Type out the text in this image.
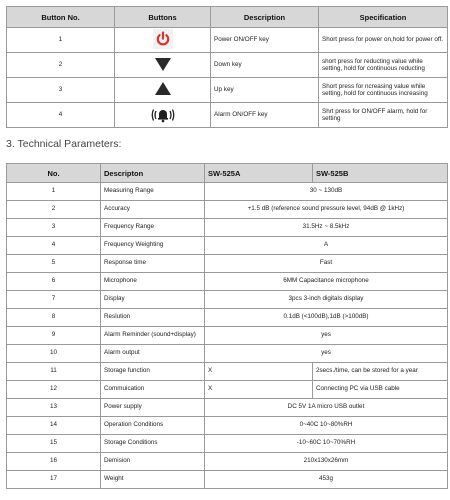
Button No.	Buttons	Description	Specification
1		Power ON/OFF key	Short press for power on,hold for power off.
2		Down key	short press for reducting value while setting, hold for continuous reducting
3		Up key	Short press for ncreasing value while setting, hold for continuous increasing
4		Alarm ON/OFF key	Shrt press for ON/OFF alarm, hold for setting
3. Technical Parameters:
No.	Descripton	SW-525A	SW-525B
1	Measuring Range	30 ~ 130dB	
2	Accuracy	+1.5 dB (reference sound pressure level, 94dB @ 1kHz)	
3	Frequency Range	31.5Hz ~ 8.5kHz	
4	Frequency Weighting	A	
5	Response time	Fast	
6	Microphone	6MM Capacitance microphone	
7	Display	3pcs 3-inch digitals display	
8	Reslution	0.1dB (<100dB),1dB (>100dB)	
9	Alarm Reminder (sound+display)	yes	
10	Alarm output	yes	
11	Storage function	X	2secs./time, can be stored for a year
12	Commuication	X	Connecting PC via USB cable
13	Power supply	DC 5V 1A micro USB outlet	
14	Operation Conditions	0~40C 10~80%RH	
15	Storage Conditions	-10~60C 10~70%RH	
16	Demision	210x130x26mm	
17	Weight	453g	
